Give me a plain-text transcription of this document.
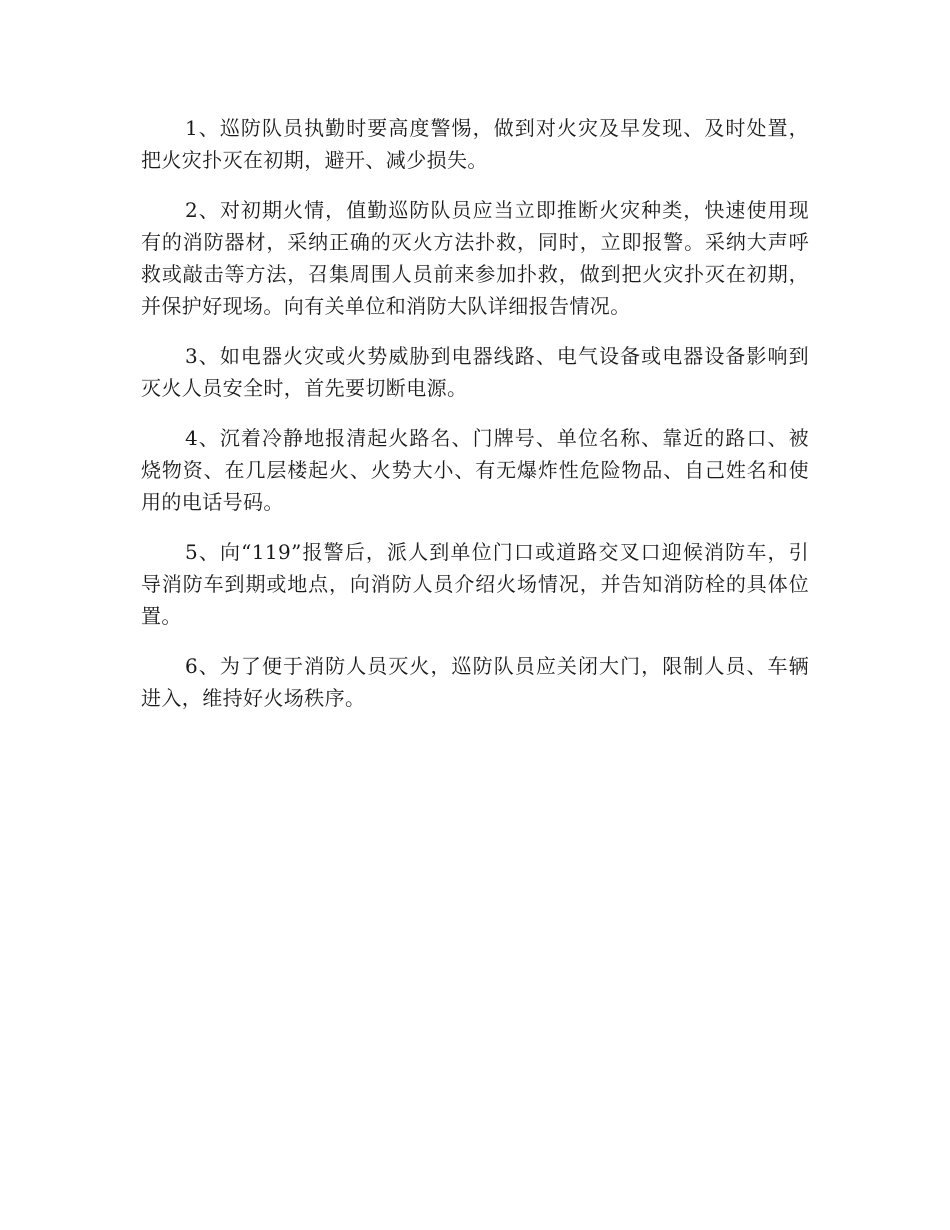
1、巡防队员执勤时要高度警惕，做到对火灾及早发现、及时处置，把火灾扑灭在初期，避开、减少损失。

2、对初期火情，值勤巡防队员应当立即推断火灾种类，快速使用现有的消防器材，采纳正确的灭火方法扑救，同时，立即报警。采纳大声呼救或敲击等方法，召集周围人员前来参加扑救，做到把火灾扑灭在初期，并保护好现场。向有关单位和消防大队详细报告情况。

3、如电器火灾或火势威胁到电器线路、电气设备或电器设备影响到灭火人员安全时，首先要切断电源。

4、沉着冷静地报清起火路名、门牌号、单位名称、靠近的路口、被烧物资、在几层楼起火、火势大小、有无爆炸性危险物品、自己姓名和使用的电话号码。

5、向“119”报警后，派人到单位门口或道路交叉口迎候消防车，引导消防车到期或地点，向消防人员介绍火场情况，并告知消防栓的具体位置。

6、为了便于消防人员灭火，巡防队员应关闭大门，限制人员、车辆进入，维持好火场秩序。
